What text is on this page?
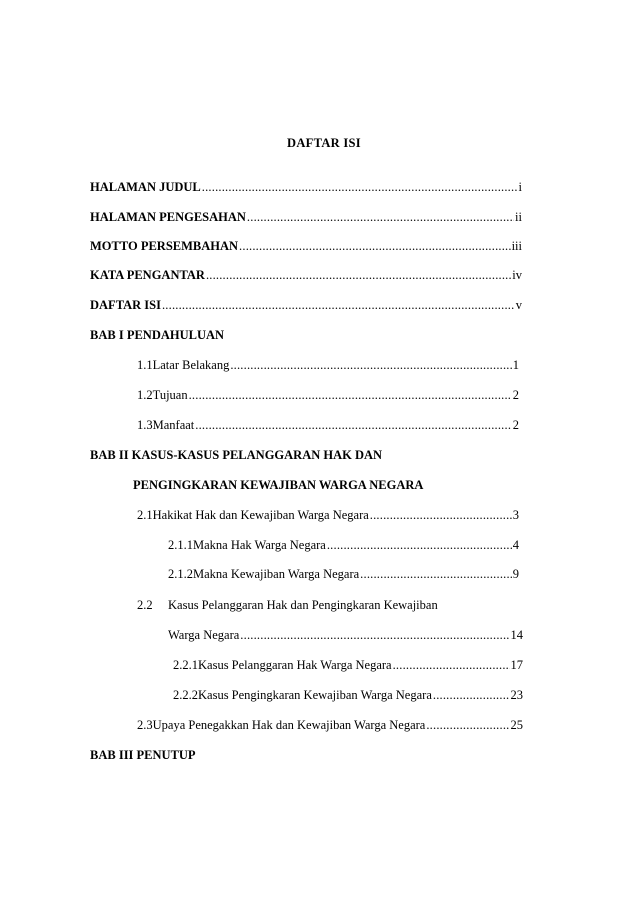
DAFTAR ISI
HALAMAN JUDUL .....	i
HALAMAN PENGESAHAN .....	ii
MOTTO PERSEMBAHAN .....	iii
KATA PENGANTAR .....	iv
DAFTAR ISI .....	v
BAB I PENDAHULUAN
1.1 Latar Belakang .....	1
1.2 Tujuan .....	2
1.3 Manfaat .....	2
BAB II KASUS-KASUS PELANGGARAN HAK DAN
PENGINGKARAN KEWAJIBAN WARGA NEGARA
2.1 Hakikat Hak dan Kewajiban Warga Negara .....	3
2.1.1 Makna Hak Warga Negara .....	4
2.1.2 Makna Kewajiban Warga Negara .....	9
2.2 Kasus Pelanggaran Hak dan Pengingkaran Kewajiban
Warga Negara .....	14
2.2.1 Kasus Pelanggaran Hak Warga Negara .....	17
2.2.2 Kasus Pengingkaran Kewajiban Warga Negara .....	23
2.3 Upaya Penegakkan Hak dan Kewajiban Warga Negara .....	25
BAB III PENUTUP
